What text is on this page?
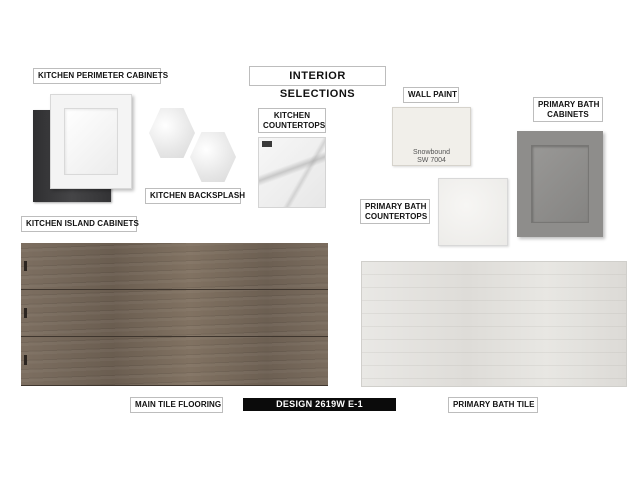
INTERIOR SELECTIONS
KITCHEN PERIMETER CABINETS
KITCHEN BACKSPLASH
KITCHEN
COUNTERTOPS
KITCHEN ISLAND CABINETS
WALL PAINT
Snowbound
SW 7004
PRIMARY BATH
CABINETS
PRIMARY BATH
COUNTERTOPS
MAIN TILE FLOORING	DESIGN 2619W E-1	PRIMARY BATH TILE
